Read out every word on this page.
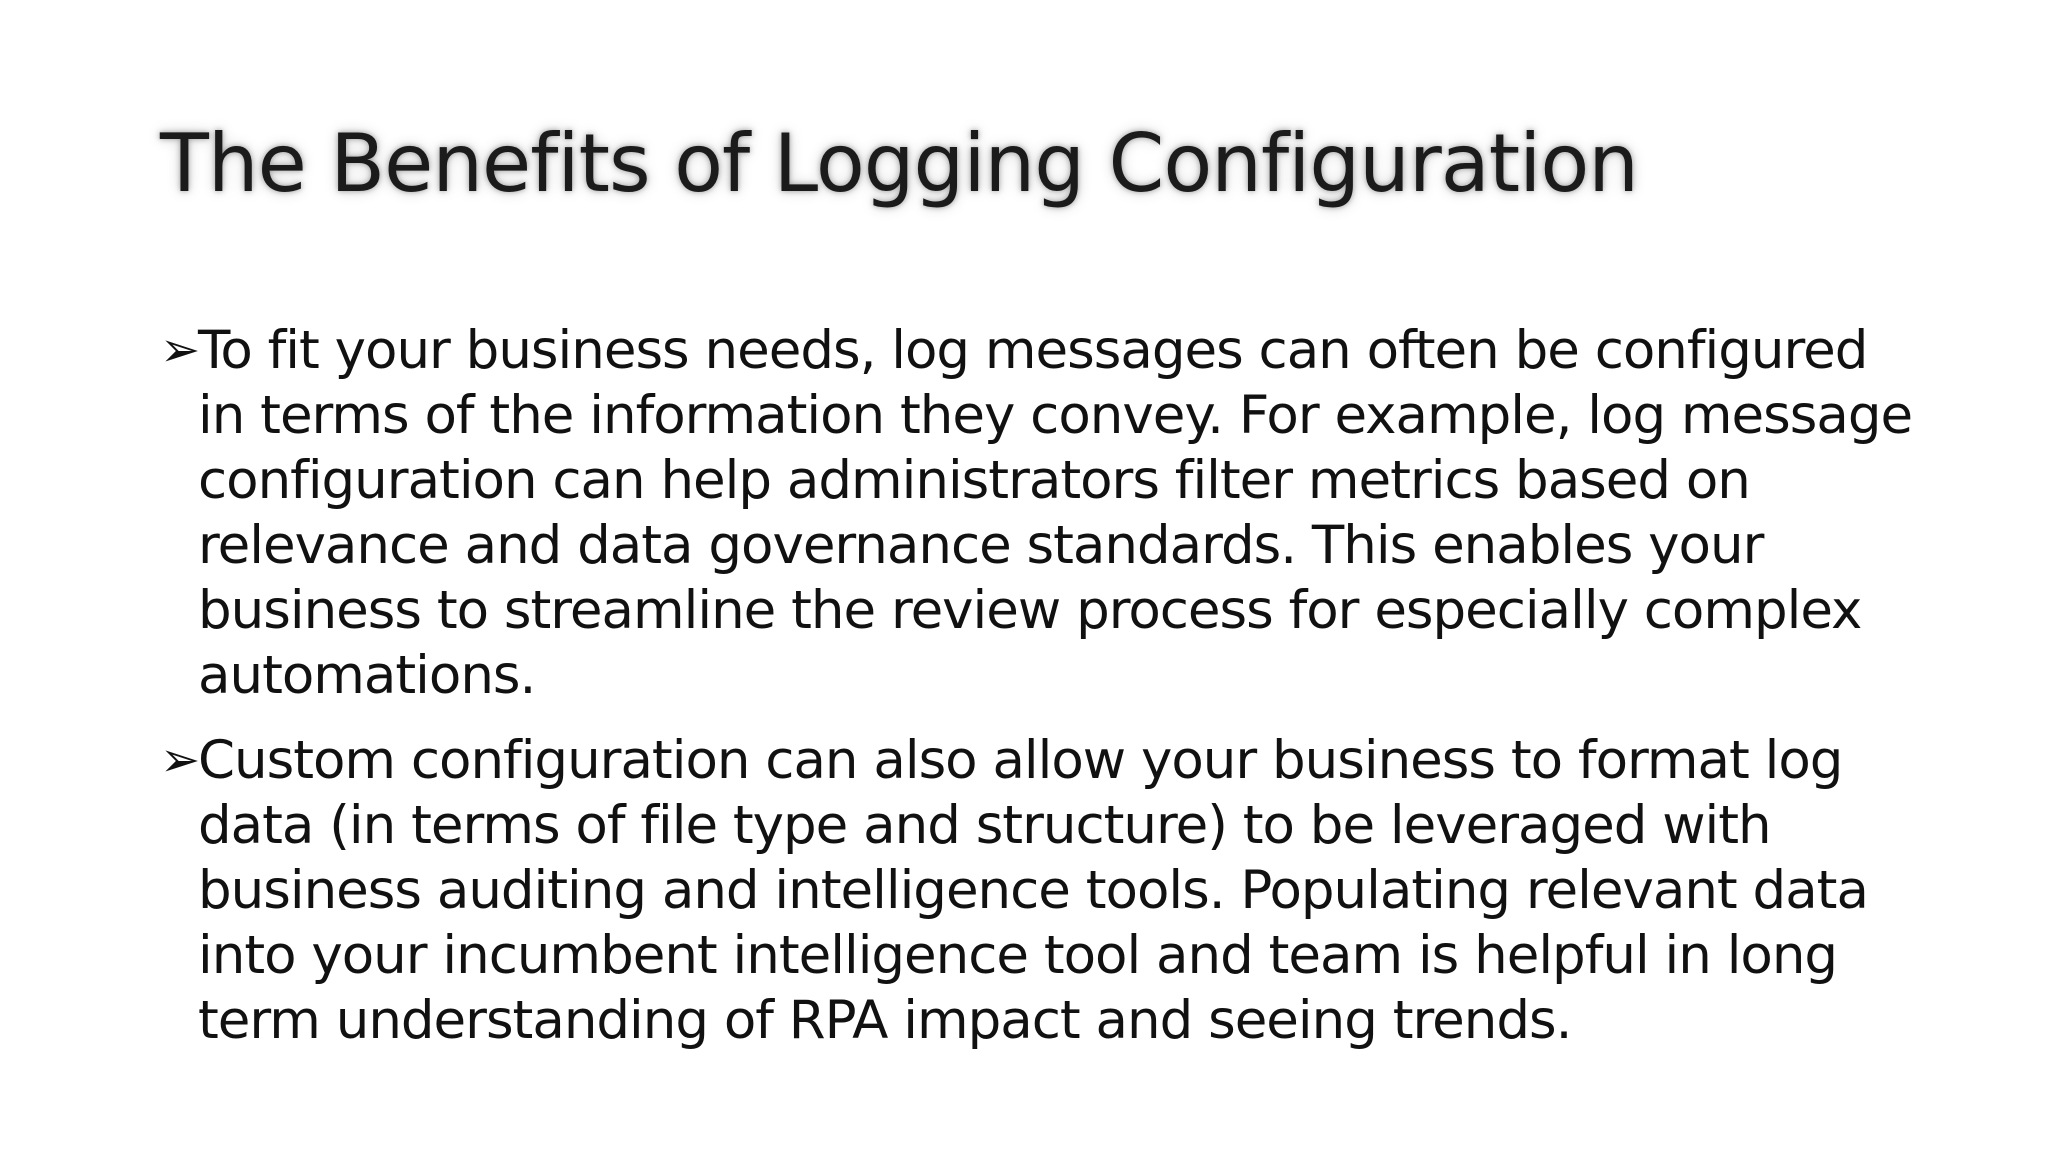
The Benefits of Logging Configuration
➢
To fit your business needs, log messages can often be configured in terms of the information they convey. For example, log message configuration can help administrators filter metrics based on relevance and data governance standards. This enables your business to streamline the review process for especially complex automations.
➢
Custom configuration can also allow your business to format log data (in terms of file type and structure) to be leveraged with business auditing and intelligence tools. Populating relevant data into your incumbent intelligence tool and team is helpful in long term understanding of RPA impact and seeing trends.
